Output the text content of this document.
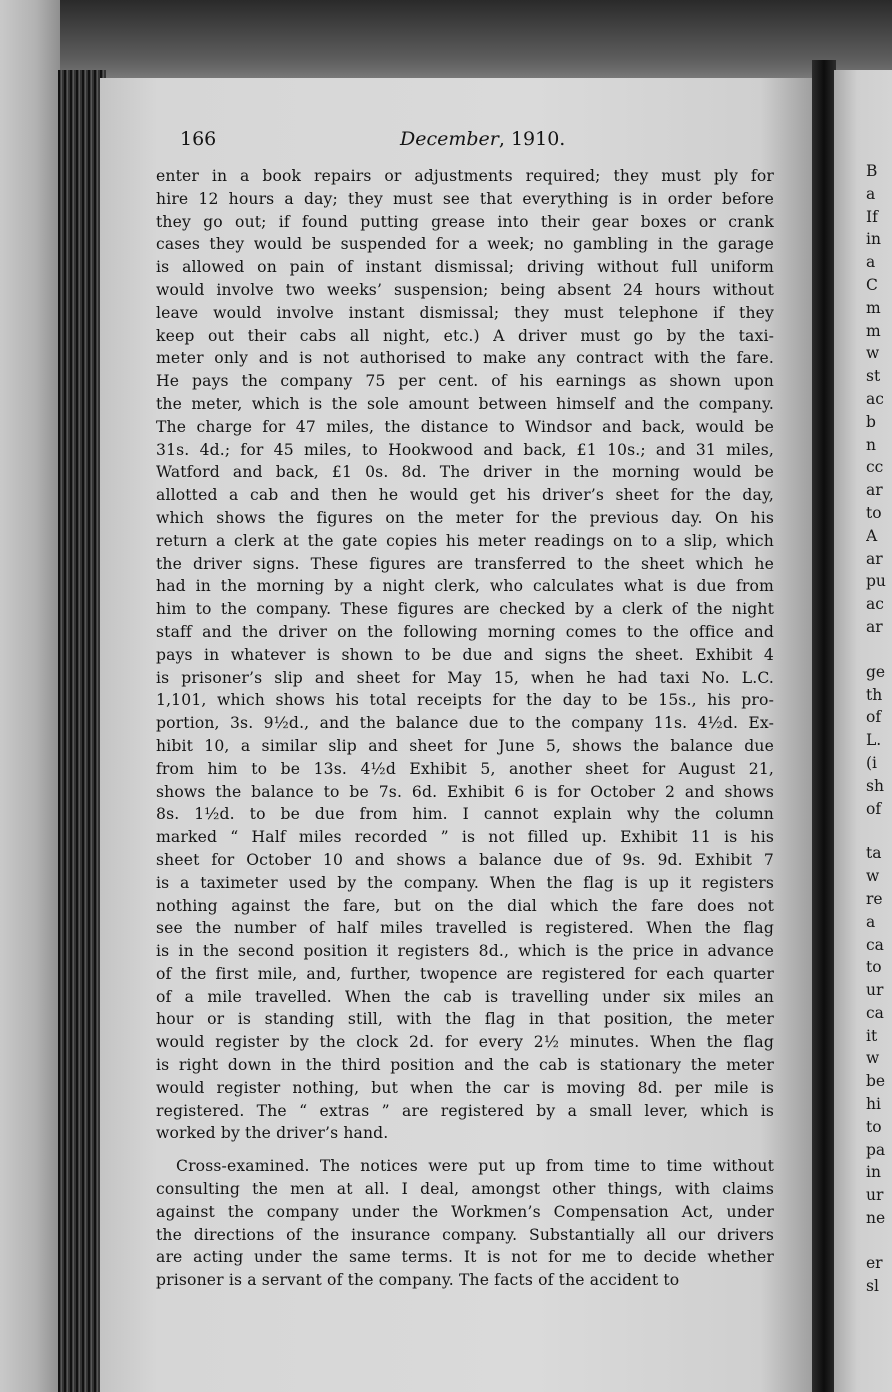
166	December, 1910.
enter in a book repairs or adjustments required; they must ply for
hire 12 hours a day; they must see that everything is in order before
they go out; if found putting grease into their gear boxes or crank
cases they would be suspended for a week; no gambling in the garage
is allowed on pain of instant dismissal; driving without full uniform
would involve two weeks’ suspension; being absent 24 hours without
leave would involve instant dismissal; they must telephone if they
keep out their cabs all night, etc.) A driver must go by the taxi-
meter only and is not authorised to make any contract with the fare.
He pays the company 75 per cent. of his earnings as shown upon
the meter, which is the sole amount between himself and the company.
The charge for 47 miles, the distance to Windsor and back, would be
31s. 4d.; for 45 miles, to Hookwood and back, £1 10s.; and 31 miles,
Watford and back, £1 0s. 8d. The driver in the morning would be
allotted a cab and then he would get his driver’s sheet for the day,
which shows the figures on the meter for the previous day. On his
return a clerk at the gate copies his meter readings on to a slip, which
the driver signs. These figures are transferred to the sheet which he
had in the morning by a night clerk, who calculates what is due from
him to the company. These figures are checked by a clerk of the night
staff and the driver on the following morning comes to the office and
pays in whatever is shown to be due and signs the sheet. Exhibit 4
is prisoner’s slip and sheet for May 15, when he had taxi No. L.C.
1,101, which shows his total receipts for the day to be 15s., his pro-
portion, 3s. 9½d., and the balance due to the company 11s. 4½d. Ex-
hibit 10, a similar slip and sheet for June 5, shows the balance due
from him to be 13s. 4½d Exhibit 5, another sheet for August 21,
shows the balance to be 7s. 6d. Exhibit 6 is for October 2 and shows
8s. 1½d. to be due from him. I cannot explain why the column
marked “ Half miles recorded ” is not filled up. Exhibit 11 is his
sheet for October 10 and shows a balance due of 9s. 9d. Exhibit 7
is a taximeter used by the company. When the flag is up it registers
nothing against the fare, but on the dial which the fare does not
see the number of half miles travelled is registered. When the flag
is in the second position it registers 8d., which is the price in advance
of the first mile, and, further, twopence are registered for each quarter
of a mile travelled. When the cab is travelling under six miles an
hour or is standing still, with the flag in that position, the meter
would register by the clock 2d. for every 2½ minutes. When the flag
is right down in the third position and the cab is stationary the meter
would register nothing, but when the car is moving 8d. per mile is
registered. The “ extras ” are registered by a small lever, which is
worked by the driver’s hand.
Cross-examined. The notices were put up from time to time without
consulting the men at all. I deal, amongst other things, with claims
against the company under the Workmen’s Compensation Act, under
the directions of the insurance company. Substantially all our drivers
are acting under the same terms. It is not for me to decide whether
prisoner is a servant of the company. The facts of the accident to
B
a
If
in
a
C
m
m
w
st
ac
b
n
cc
ar
to
A
ar
pu
ac
ar
ge
th
of
L.
(i
sh
of
ta
w
re
a
ca
to
ur
ca
it
w
be
hi
to
pa
in
ur
ne
er
sl
